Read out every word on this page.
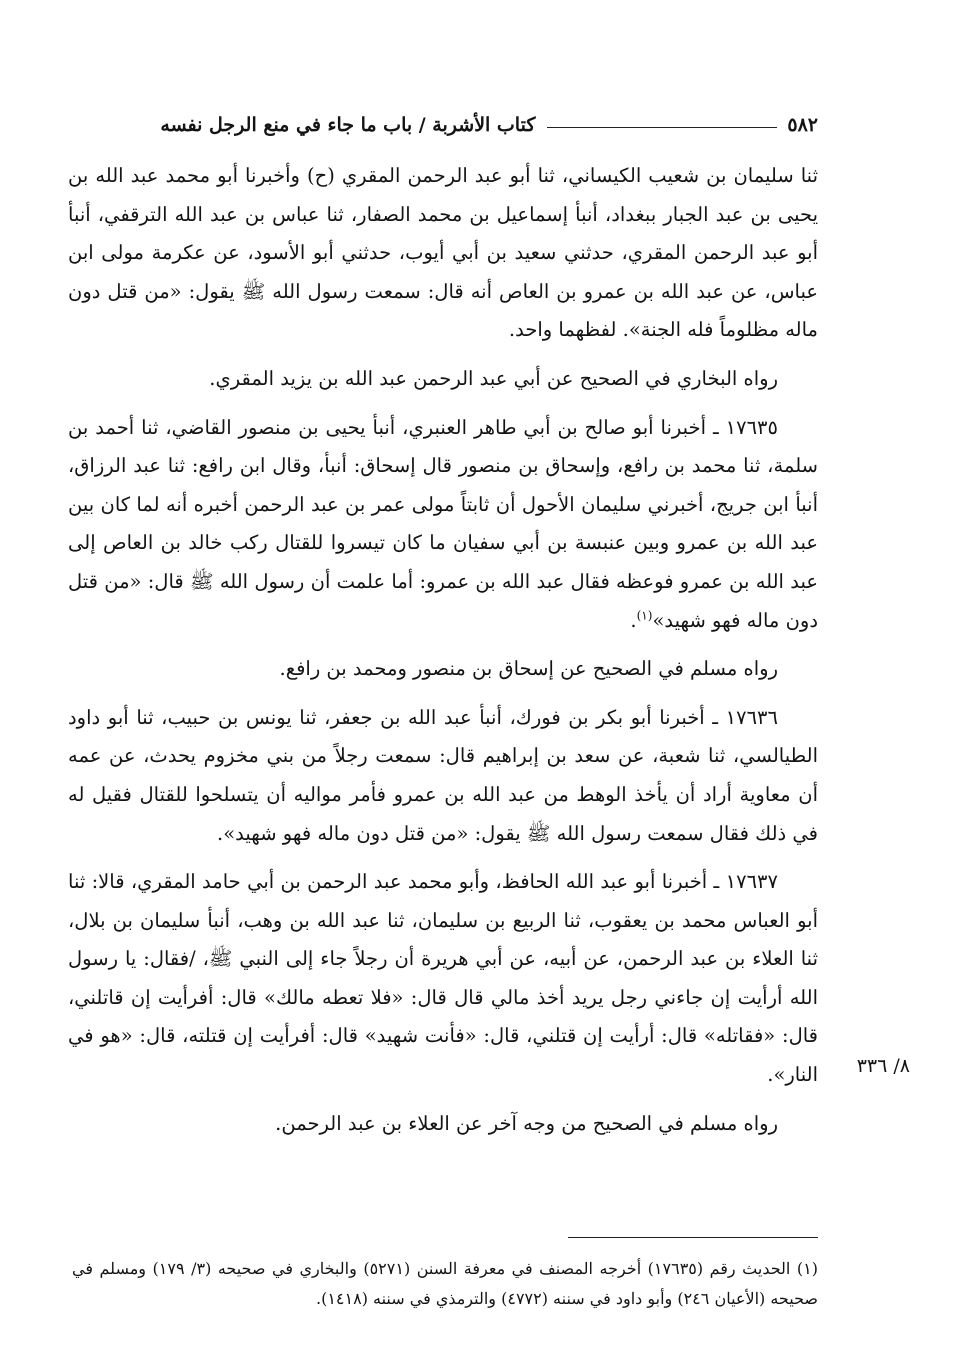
٥٨٢
كتاب الأشربة / باب ما جاء في منع الرجل نفسه

ثنا سليمان بن شعيب الكيساني، ثنا أبو عبد الرحمن المقري (ح) وأخبرنا أبو محمد عبد الله بن يحيى بن عبد الجبار ببغداد، أنبأ إسماعيل بن محمد الصفار، ثنا عباس بن عبد الله الترقفي، أنبأ أبو عبد الرحمن المقري، حدثني سعيد بن أبي أيوب، حدثني أبو الأسود، عن عكرمة مولى ابن عباس، عن عبد الله بن عمرو بن العاص أنه قال: سمعت رسول الله ﷺ يقول: «من قتل دون ماله مظلوماً فله الجنة». لفظهما واحد.

رواه البخاري في الصحيح عن أبي عبد الرحمن عبد الله بن يزيد المقري.

١٧٦٣٥ ـ أخبرنا أبو صالح بن أبي طاهر العنبري، أنبأ يحيى بن منصور القاضي، ثنا أحمد بن سلمة، ثنا محمد بن رافع، وإسحاق بن منصور قال إسحاق: أنبأ، وقال ابن رافع: ثنا عبد الرزاق، أنبأ ابن جريج، أخبرني سليمان الأحول أن ثابتاً مولى عمر بن عبد الرحمن أخبره أنه لما كان بين عبد الله بن عمرو وبين عنبسة بن أبي سفيان ما كان تيسروا للقتال ركب خالد بن العاص إلى عبد الله بن عمرو فوعظه فقال عبد الله بن عمرو: أما علمت أن رسول الله ﷺ قال: «من قتل دون ماله فهو شهيد»$^{(١)}$.

رواه مسلم في الصحيح عن إسحاق بن منصور ومحمد بن رافع.

١٧٦٣٦ ـ أخبرنا أبو بكر بن فورك، أنبأ عبد الله بن جعفر، ثنا يونس بن حبيب، ثنا أبو داود الطيالسي، ثنا شعبة، عن سعد بن إبراهيم قال: سمعت رجلاً من بني مخزوم يحدث، عن عمه أن معاوية أراد أن يأخذ الوهط من عبد الله بن عمرو فأمر مواليه أن يتسلحوا للقتال فقيل له في ذلك فقال سمعت رسول الله ﷺ يقول: «من قتل دون ماله فهو شهيد».

١٧٦٣٧ ـ أخبرنا أبو عبد الله الحافظ، وأبو محمد عبد الرحمن بن أبي حامد المقري، قالا: ثنا أبو العباس محمد بن يعقوب، ثنا الربيع بن سليمان، ثنا عبد الله بن وهب، أنبأ سليمان بن بلال، ثنا العلاء بن عبد الرحمن، عن أبيه، عن أبي هريرة أن رجلاً جاء إلى النبي ﷺ، /فقال: يا رسول الله أرأيت إن جاءني رجل يريد أخذ مالي قال قال: «فلا تعطه مالك» قال: أفرأيت إن قاتلني، قال: «فقاتله» قال: أرأيت إن قتلني، قال: «فأنت شهيد» قال: أفرأيت إن قتلته، قال: «هو في النار».

رواه مسلم في الصحيح من وجه آخر عن العلاء بن عبد الرحمن.

٨/ ٣٣٦

(١) الحديث رقم (١٧٦٣٥) أخرجه المصنف في معرفة السنن (٥٢٧١) والبخاري في صحيحه (٣/ ١٧٩) ومسلم في صحيحه (الأعيان ٢٤٦) وأبو داود في سننه (٤٧٧٢) والترمذي في سننه (١٤١٨).
